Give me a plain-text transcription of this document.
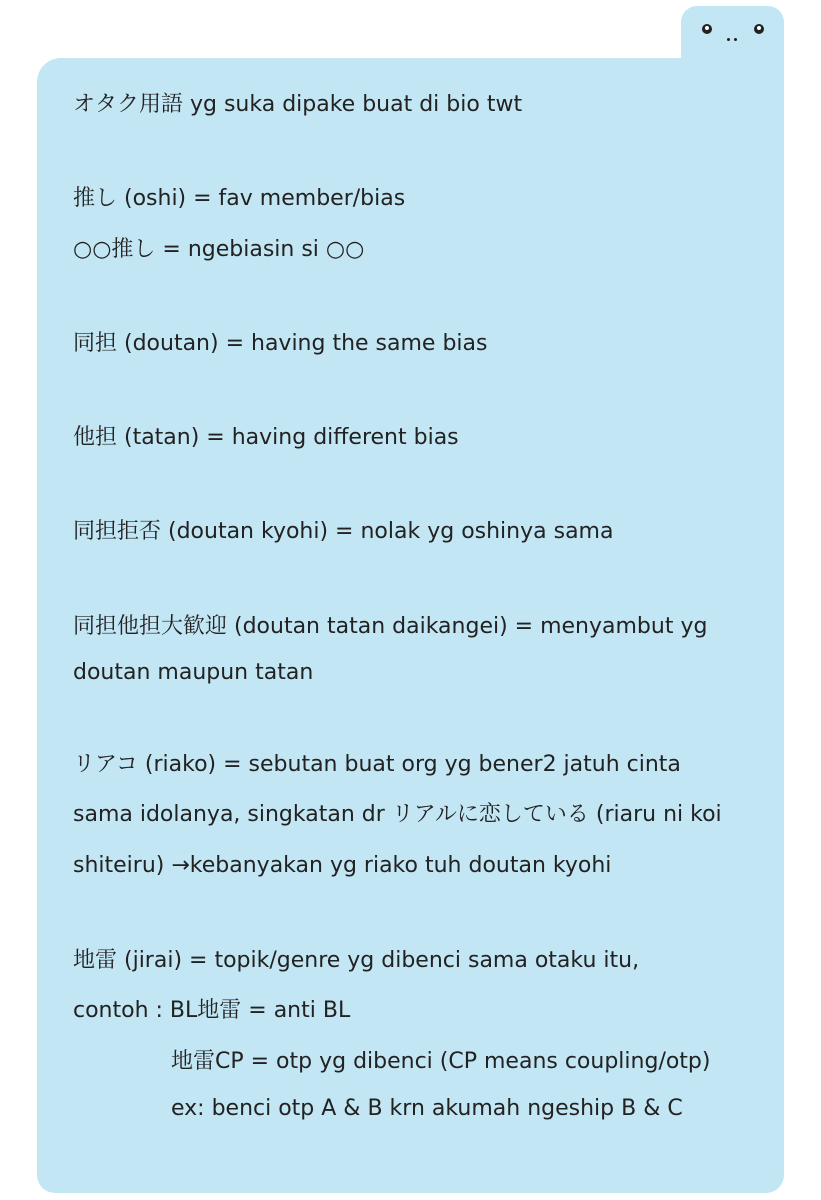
オタク用語 yg suka dipake buat di bio twt

推し (oshi) = fav member/bias

○○推し = ngebiasin si ○○

同担 (doutan) = having the same bias

他担 (tatan) = having different bias

同担拒否 (doutan kyohi) = nolak yg oshinya sama

同担他担大歓迎 (doutan tatan daikangei) = menyambut yg

doutan maupun tatan

リアコ (riako) = sebutan buat org yg bener2 jatuh cinta

sama idolanya, singkatan dr リアルに恋している (riaru ni koi

shiteiru) →kebanyakan yg riako tuh doutan kyohi

地雷 (jirai) = topik/genre yg dibenci sama otaku itu,

contoh : BL地雷 = anti BL

地雷CP = otp yg dibenci (CP means coupling/otp)

ex: benci otp A & B krn akumah ngeship B & C
